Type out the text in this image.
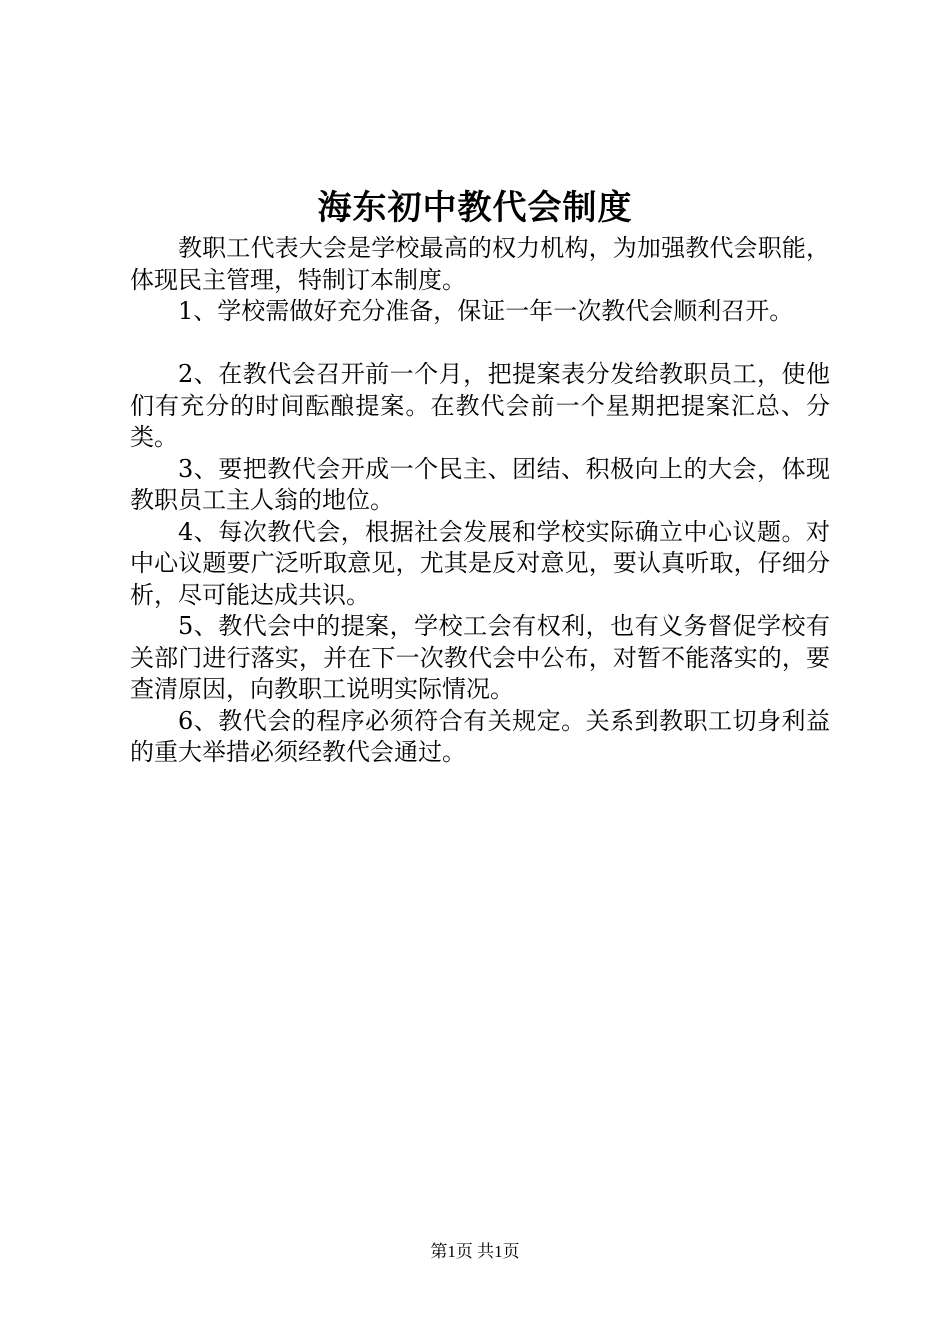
海东初中教代会制度

教职工代表大会是学校最高的权力机构，为加强教代会职能，体现民主管理，特制订本制度。

1、学校需做好充分准备，保证一年一次教代会顺利召开。

2、在教代会召开前一个月，把提案表分发给教职员工，使他们有充分的时间酝酿提案。在教代会前一个星期把提案汇总、分类。

3、要把教代会开成一个民主、团结、积极向上的大会，体现教职员工主人翁的地位。

4、每次教代会，根据社会发展和学校实际确立中心议题。对中心议题要广泛听取意见，尤其是反对意见，要认真听取，仔细分析，尽可能达成共识。

5、教代会中的提案，学校工会有权利，也有义务督促学校有关部门进行落实，并在下一次教代会中公布，对暂不能落实的，要查清原因，向教职工说明实际情况。

6、教代会的程序必须符合有关规定。关系到教职工切身利益的重大举措必须经教代会通过。

第1页 共1页
